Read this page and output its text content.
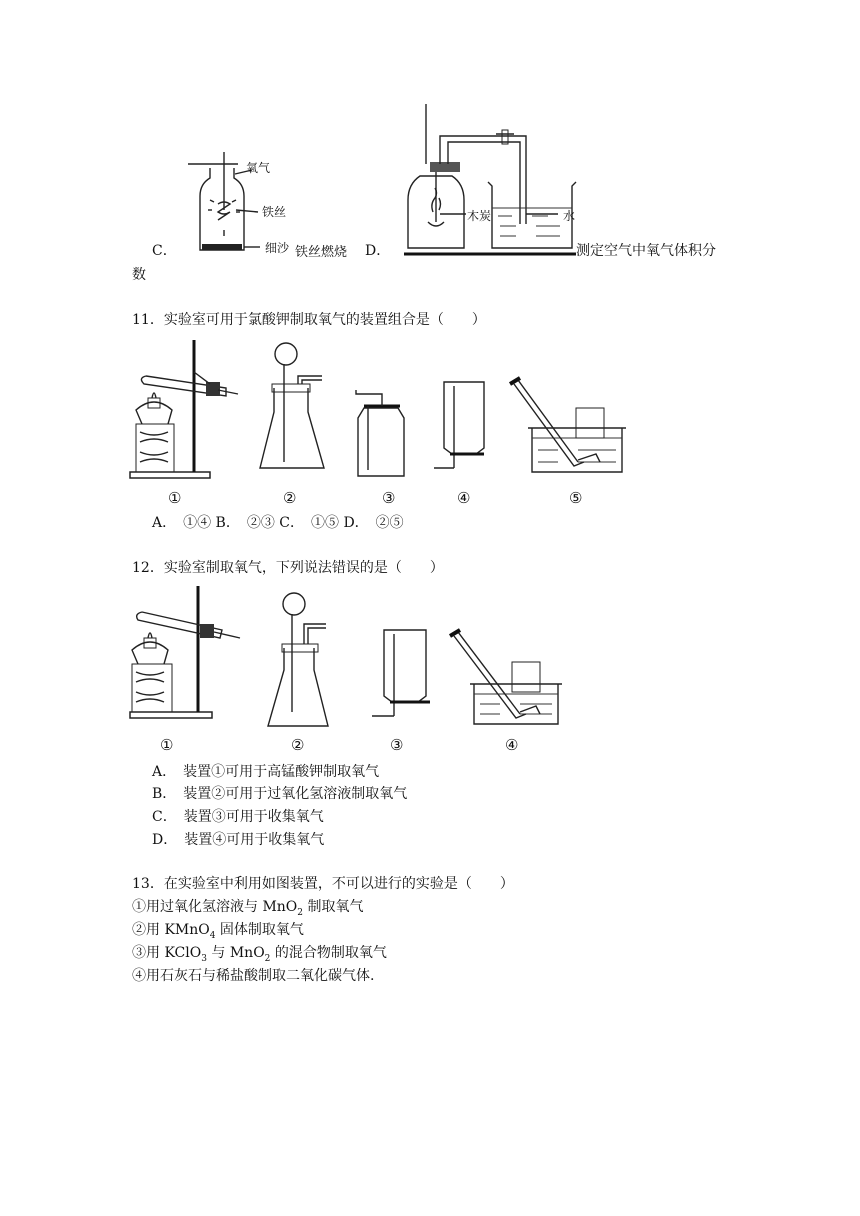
氧气
铁丝
细沙
C．	铁丝燃烧
木炭	水
D．	测定空气中氧气体积分
数
11．实验室可用于氯酸钾制取氧气的装置组合是（　　）
①	②	③	④	⑤
A．　①④ B．　②③ C．　①⑤ D．　②⑤
12．实验室制取氧气，下列说法错误的是（　　）
①	②	③	④
A．　装置①可用于高锰酸钾制取氧气
B．　装置②可用于过氧化氢溶液制取氧气
C．　装置③可用于收集氧气
D．　装置④可用于收集氧气
13．在实验室中利用如图装置，不可以进行的实验是（　　）
①用过氧化氢溶液与 MnO$_2$ 制取氧气
②用 KMnO$_4$ 固体制取氧气
③用 KClO$_3$ 与 MnO$_2$ 的混合物制取氧气
④用石灰石与稀盐酸制取二氧化碳气体.
